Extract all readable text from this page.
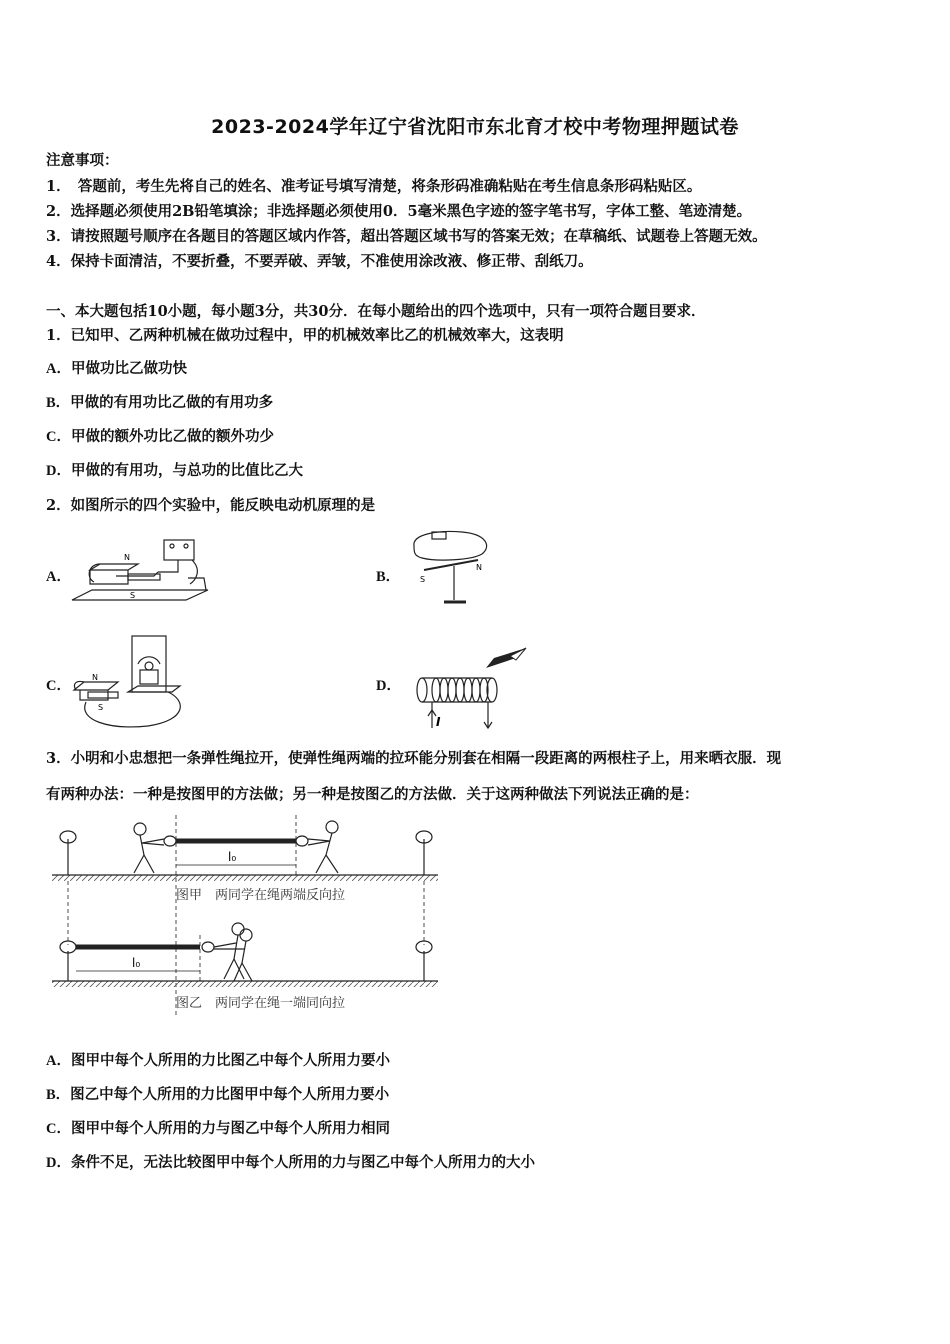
2023-2024学年辽宁省沈阳市东北育才校中考物理押题试卷
注意事项：
1．　答题前，考生先将自己的姓名、准考证号填写清楚，将条形码准确粘贴在考生信息条形码粘贴区。
2．选择题必须使用2B铅笔填涂；非选择题必须使用0．5毫米黑色字迹的签字笔书写，字体工整、笔迹清楚。
3．请按照题号顺序在各题目的答题区域内作答，超出答题区域书写的答案无效；在草稿纸、试题卷上答题无效。
4．保持卡面清洁，不要折叠，不要弄破、弄皱，不准使用涂改液、修正带、刮纸刀。
一、本大题包括10小题，每小题3分，共30分．在每小题给出的四个选项中，只有一项符合题目要求．
1．已知甲、乙两种机械在做功过程中，甲的机械效率比乙的机械效率大，这表明
A．甲做功比乙做功快
B．甲做的有用功比乙做的有用功多
C．甲做的额外功比乙做的额外功少
D．甲做的有用功，与总功的比值比乙大
2．如图所示的四个实验中，能反映电动机原理的是
A．	B．
C．	D．
N
S
S
N
N
S
I
3．小明和小忠想把一条弹性绳拉开，使弹性绳两端的拉环能分别套在相隔一段距离的两根柱子上，用来晒衣服．现
有两种办法：一种是按图甲的方法做；另一种是按图乙的方法做．关于这两种做法下列说法正确的是：
l₀
图甲　两同学在绳两端反向拉
l₀
图乙　两同学在绳一端同向拉
A．图甲中每个人所用的力比图乙中每个人所用力要小
B．图乙中每个人所用的力比图甲中每个人所用力要小
C．图甲中每个人所用的力与图乙中每个人所用力相同
D．条件不足，无法比较图甲中每个人所用的力与图乙中每个人所用力的大小
